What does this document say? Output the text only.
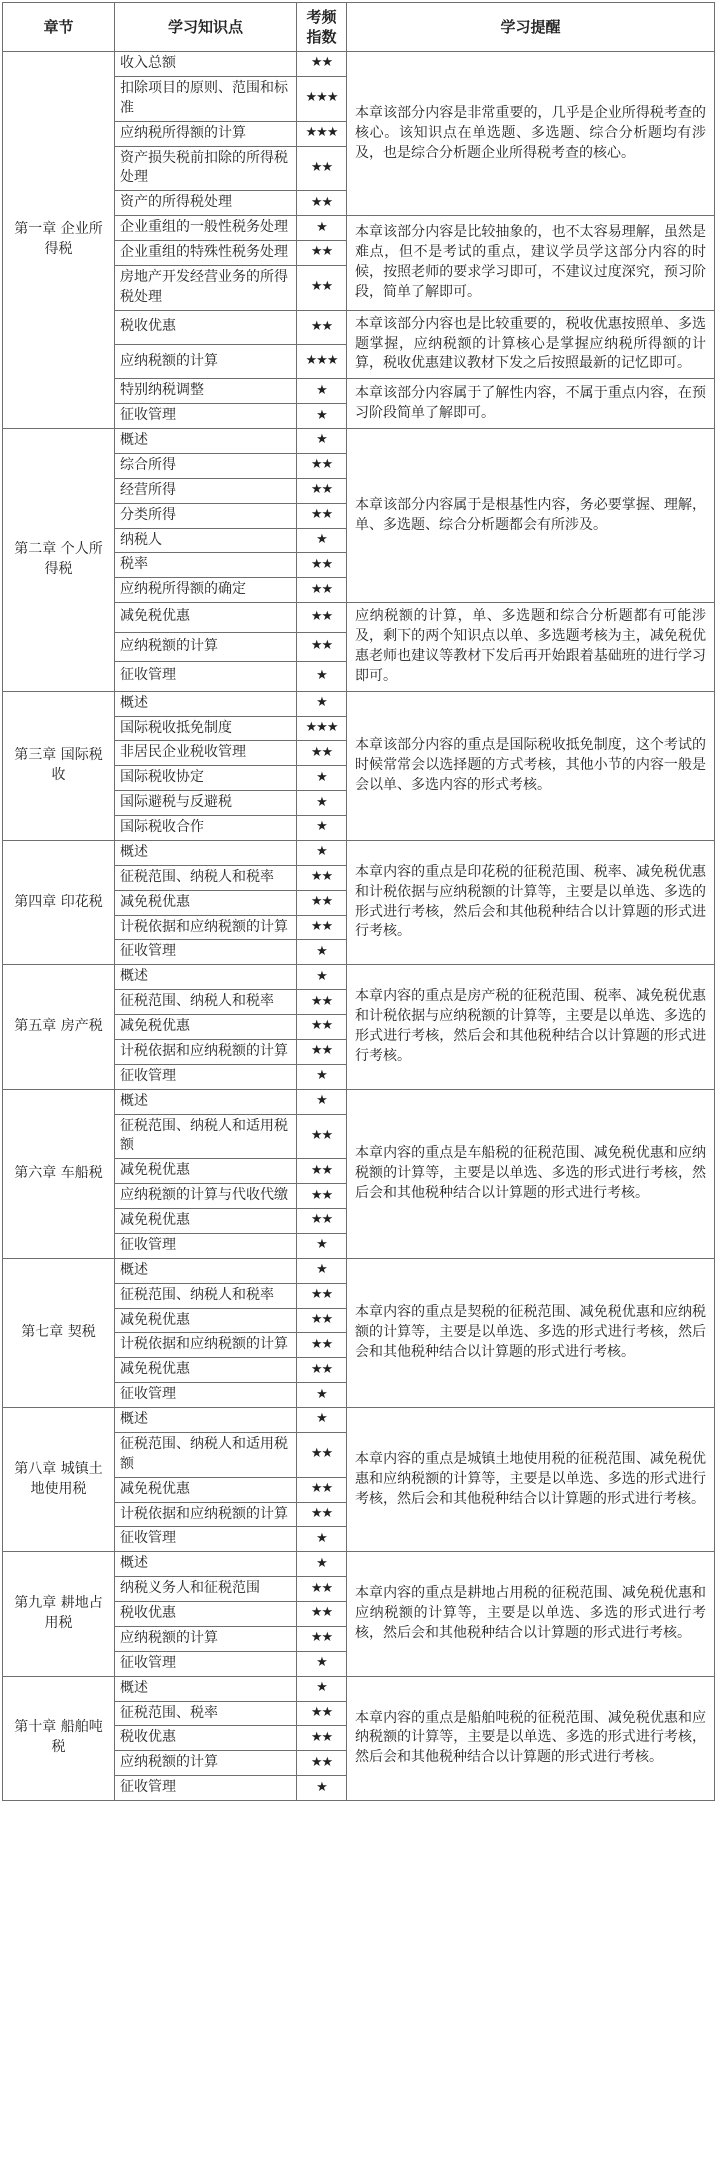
章节	学习知识点	考频指数	学习提醒
第一章 企业所得税	收入总额	★★	本章该部分内容是非常重要的，几乎是企业所得税考查的核心。该知识点在单选题、多选题、综合分析题均有涉及，也是综合分析题企业所得税考查的核心。
	扣除项目的原则、范围和标准	★★★	
	应纳税所得额的计算	★★★	
	资产损失税前扣除的所得税处理	★★	
	资产的所得税处理	★★	
	企业重组的一般性税务处理	★	本章该部分内容是比较抽象的，也不太容易理解，虽然是难点，但不是考试的重点，建议学员学这部分内容的时候，按照老师的要求学习即可，不建议过度深究，预习阶段，简单了解即可。
	企业重组的特殊性税务处理	★★	
	房地产开发经营业务的所得税处理	★★	
	税收优惠	★★	本章该部分内容也是比较重要的，税收优惠按照单、多选题掌握，应纳税额的计算核心是掌握应纳税所得额的计算，税收优惠建议教材下发之后按照最新的记忆即可。
	应纳税额的计算	★★★	
	特别纳税调整	★	本章该部分内容属于了解性内容，不属于重点内容，在预习阶段简单了解即可。
	征收管理	★	
第二章 个人所得税	概述	★	本章该部分内容属于是根基性内容，务必要掌握、理解，单、多选题、综合分析题都会有所涉及。
	综合所得	★★	
	经营所得	★★	
	分类所得	★★	
	纳税人	★	
	税率	★★	
	应纳税所得额的确定	★★	
	减免税优惠	★★	应纳税额的计算，单、多选题和综合分析题都有可能涉及，剩下的两个知识点以单、多选题考核为主，减免税优惠老师也建议等教材下发后再开始跟着基础班的进行学习即可。
	应纳税额的计算	★★	
	征收管理	★	
第三章 国际税收	概述	★	本章该部分内容的重点是国际税收抵免制度，这个考试的时候常常会以选择题的方式考核，其他小节的内容一般是会以单、多选内容的形式考核。
	国际税收抵免制度	★★★	
	非居民企业税收管理	★★	
	国际税收协定	★	
	国际避税与反避税	★	
	国际税收合作	★	
第四章 印花税	概述	★	本章内容的重点是印花税的征税范围、税率、减免税优惠和计税依据与应纳税额的计算等，主要是以单选、多选的形式进行考核，然后会和其他税种结合以计算题的形式进行考核。
	征税范围、纳税人和税率	★★	
	减免税优惠	★★	
	计税依据和应纳税额的计算	★★	
	征收管理	★	
第五章 房产税	概述	★	本章内容的重点是房产税的征税范围、税率、减免税优惠和计税依据与应纳税额的计算等，主要是以单选、多选的形式进行考核，然后会和其他税种结合以计算题的形式进行考核。
	征税范围、纳税人和税率	★★	
	减免税优惠	★★	
	计税依据和应纳税额的计算	★★	
	征收管理	★	
第六章 车船税	概述	★	本章内容的重点是车船税的征税范围、减免税优惠和应纳税额的计算等，主要是以单选、多选的形式进行考核，然后会和其他税种结合以计算题的形式进行考核。
	征税范围、纳税人和适用税额	★★	
	减免税优惠	★★	
	应纳税额的计算与代收代缴	★★	
	减免税优惠	★★	
	征收管理	★	
第七章 契税	概述	★	本章内容的重点是契税的征税范围、减免税优惠和应纳税额的计算等，主要是以单选、多选的形式进行考核，然后会和其他税种结合以计算题的形式进行考核。
	征税范围、纳税人和税率	★★	
	减免税优惠	★★	
	计税依据和应纳税额的计算	★★	
	减免税优惠	★★	
	征收管理	★	
第八章 城镇土地使用税	概述	★	本章内容的重点是城镇土地使用税的征税范围、减免税优惠和应纳税额的计算等，主要是以单选、多选的形式进行考核，然后会和其他税种结合以计算题的形式进行考核。
	征税范围、纳税人和适用税额	★★	
	减免税优惠	★★	
	计税依据和应纳税额的计算	★★	
	征收管理	★	
第九章 耕地占用税	概述	★	本章内容的重点是耕地占用税的征税范围、减免税优惠和应纳税额的计算等，主要是以单选、多选的形式进行考核，然后会和其他税种结合以计算题的形式进行考核。
	纳税义务人和征税范围	★★	
	税收优惠	★★	
	应纳税额的计算	★★	
	征收管理	★	
第十章 船舶吨税	概述	★	本章内容的重点是船舶吨税的征税范围、减免税优惠和应纳税额的计算等，主要是以单选、多选的形式进行考核，然后会和其他税种结合以计算题的形式进行考核。
	征税范围、税率	★★	
	税收优惠	★★	
	应纳税额的计算	★★	
	征收管理	★	
